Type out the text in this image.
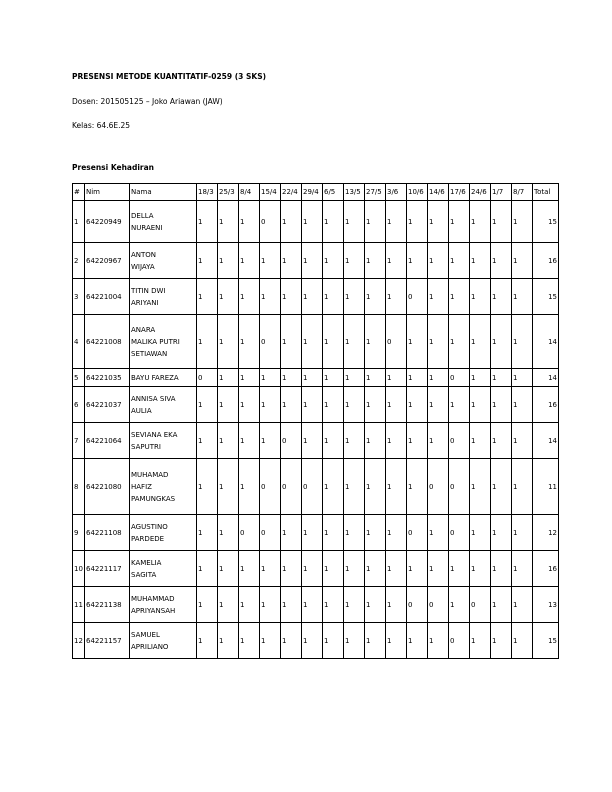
PRESENSI METODE KUANTITATIF-0259 (3 SKS)
Dosen: 201505125 – Joko Ariawan (JAW)
Kelas: 64.6E.25
Presensi Kehadiran
#	Nim	Nama	18/3	25/3	8/4	15/4	22/4	29/4	6/5	13/5	27/5	3/6	10/6	14/6	17/6	24/6	1/7	8/7	Total
1	64220949	DELLA
NURAENI	1	1	1	0	1	1	1	1	1	1	1	1	1	1	1	1	15
2	64220967	ANTON
WIJAYA	1	1	1	1	1	1	1	1	1	1	1	1	1	1	1	1	16
3	64221004	TITIN DWI
ARIYANI	1	1	1	1	1	1	1	1	1	1	0	1	1	1	1	1	15
4	64221008	ANARA
MALIKA PUTRI
SETIAWAN	1	1	1	0	1	1	1	1	1	0	1	1	1	1	1	1	14
5	64221035	BAYU FAREZA	0	1	1	1	1	1	1	1	1	1	1	1	0	1	1	1	14
6	64221037	ANNISA SIVA
AULIA	1	1	1	1	1	1	1	1	1	1	1	1	1	1	1	1	16
7	64221064	SEVIANA EKA
SAPUTRI	1	1	1	1	0	1	1	1	1	1	1	1	0	1	1	1	14
8	64221080	MUHAMAD
HAFIZ
PAMUNGKAS	1	1	1	0	0	0	1	1	1	1	1	0	0	1	1	1	11
9	64221108	AGUSTINO
PARDEDE	1	1	0	0	1	1	1	1	1	1	0	1	0	1	1	1	12
10	64221117	KAMELIA
SAGITA	1	1	1	1	1	1	1	1	1	1	1	1	1	1	1	1	16
11	64221138	MUHAMMAD
APRIYANSAH	1	1	1	1	1	1	1	1	1	1	0	0	1	0	1	1	13
12	64221157	SAMUEL
APRILIANO	1	1	1	1	1	1	1	1	1	1	1	1	0	1	1	1	15
